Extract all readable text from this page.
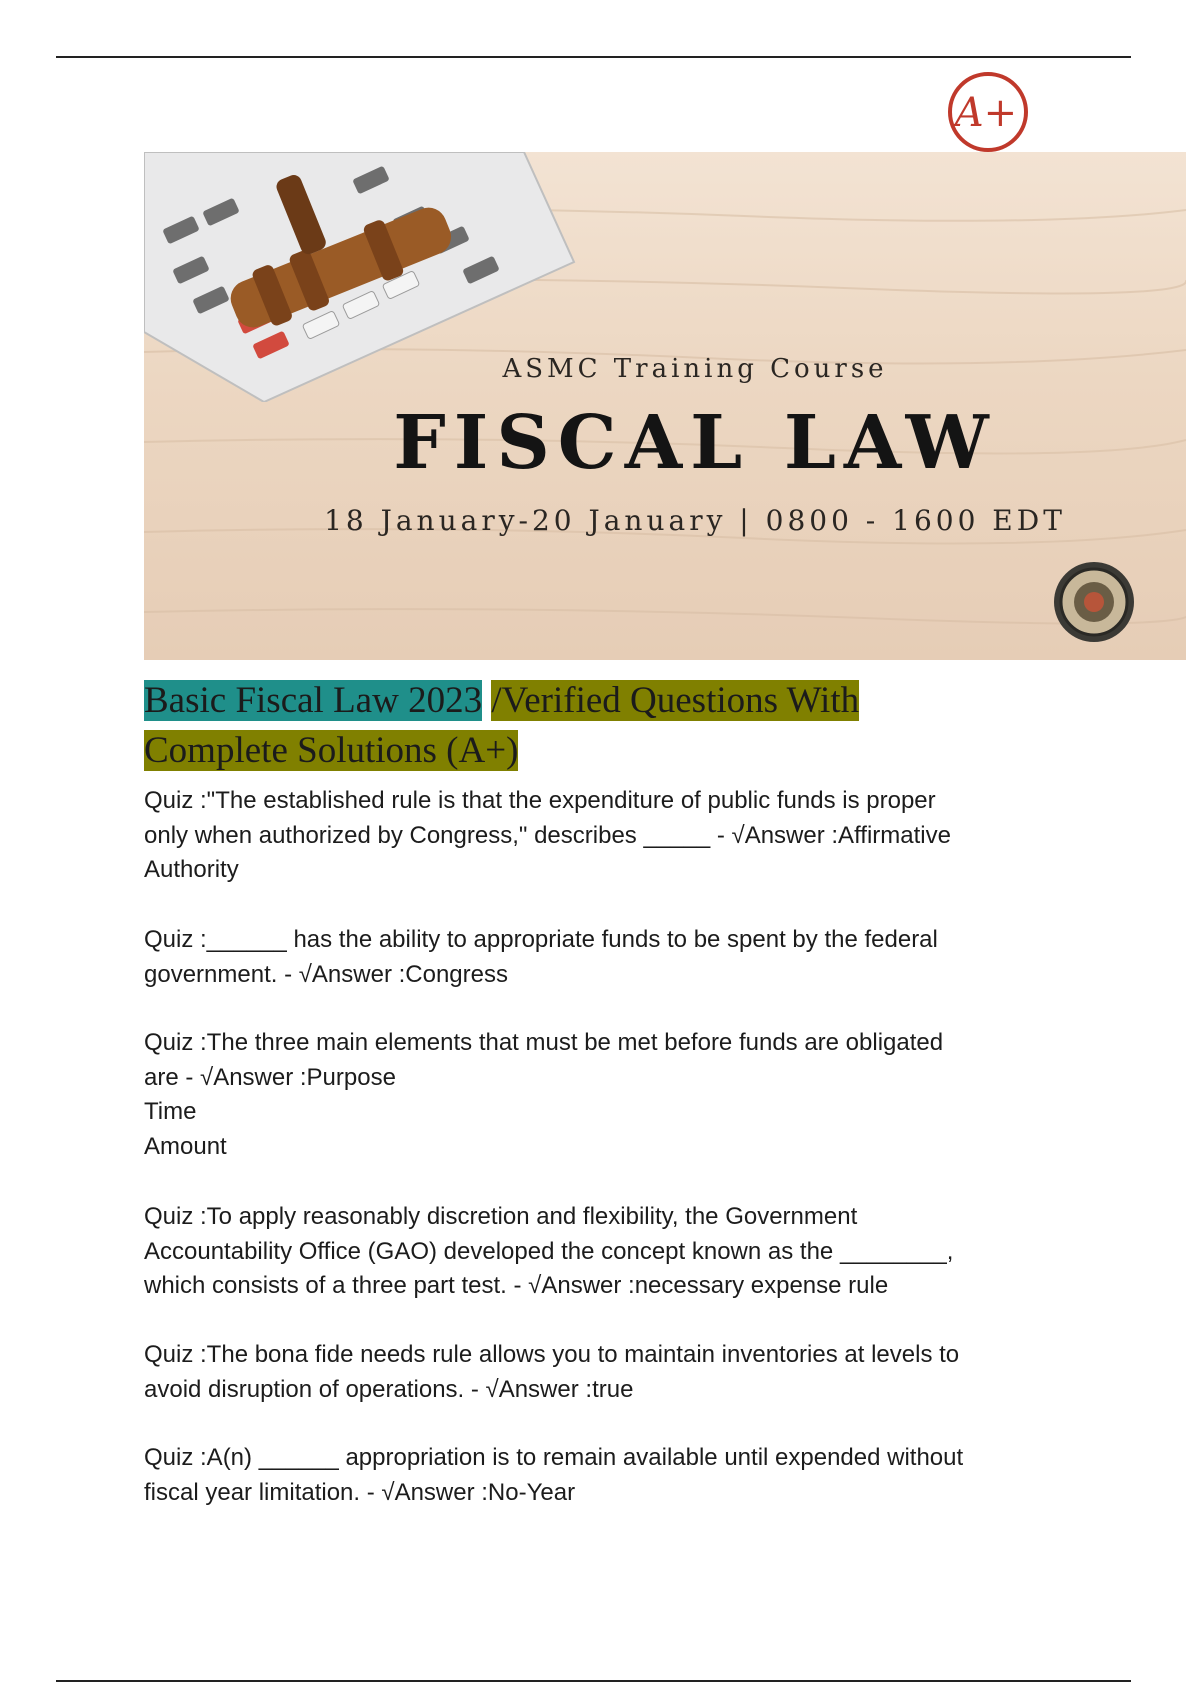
A+
ASMC Training Course
FISCAL LAW
18 January-20 January | 0800 - 1600 EDT
Basic Fiscal Law 2023 /Verified Questions With
Complete Solutions (A+)

Quiz :"The established rule is that the expenditure of public funds is proper

only when authorized by Congress," describes _____ - √Answer :Affirmative

Authority

Quiz :______ has the ability to appropriate funds to be spent by the federal

government. - √Answer :Congress

Quiz :The three main elements that must be met before funds are obligated

are - √Answer :Purpose

Time

Amount

Quiz :To apply reasonably discretion and flexibility, the Government

Accountability Office (GAO) developed the concept known as the ________,

which consists of a three part test. - √Answer :necessary expense rule

Quiz :The bona fide needs rule allows you to maintain inventories at levels to

avoid disruption of operations. - √Answer :true

Quiz :A(n) ______ appropriation is to remain available until expended without

fiscal year limitation. - √Answer :No-Year
